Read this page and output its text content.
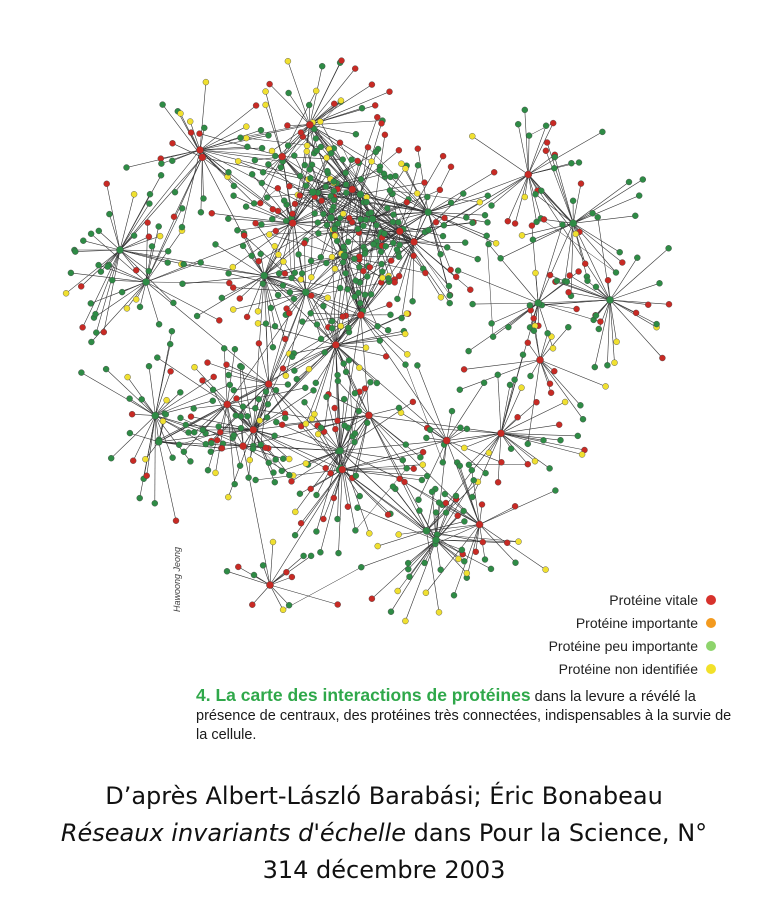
Hawoong Jeong	Protéine vitale
Protéine importante
Protéine peu importante
Protéine non identifiée
4. La carte des interactions de protéines dans la levure a révélé la présence de centraux, des protéines très connectées, indispensables à la survie de la cellule.
D’après Albert-László Barabási; Éric Bonabeau
Réseaux invariants d'échelle dans Pour la Science, N°
314 décembre 2003
